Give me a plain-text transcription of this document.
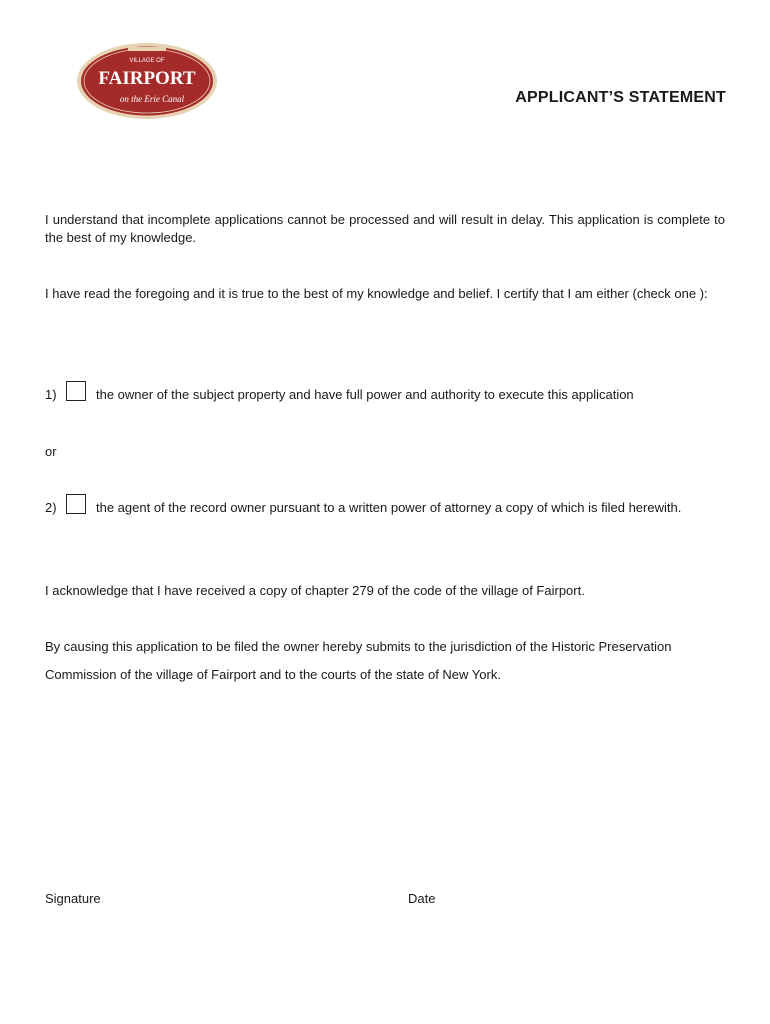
VILLAGE OF
FAIRPORT
on the Erie Canal	APPLICANT’S STATEMENT
I understand that incomplete applications cannot be processed and will result in delay. This application is complete to the best of my knowledge.
I have read the foregoing and it is true to the best of my knowledge and belief. I certify that I am either (check one ):
1)	the owner of the subject property and have full power and authority to execute this application
or
2)	the agent of the record owner pursuant to a written power of attorney a copy of which is filed herewith.
I acknowledge that I have received a copy of chapter 279 of the code of the village of Fairport.
By causing this application to be filed the owner hereby submits to the jurisdiction of the Historic Preservation
Commission of the village of Fairport and to the courts of the state of New York.
Signature	Date
